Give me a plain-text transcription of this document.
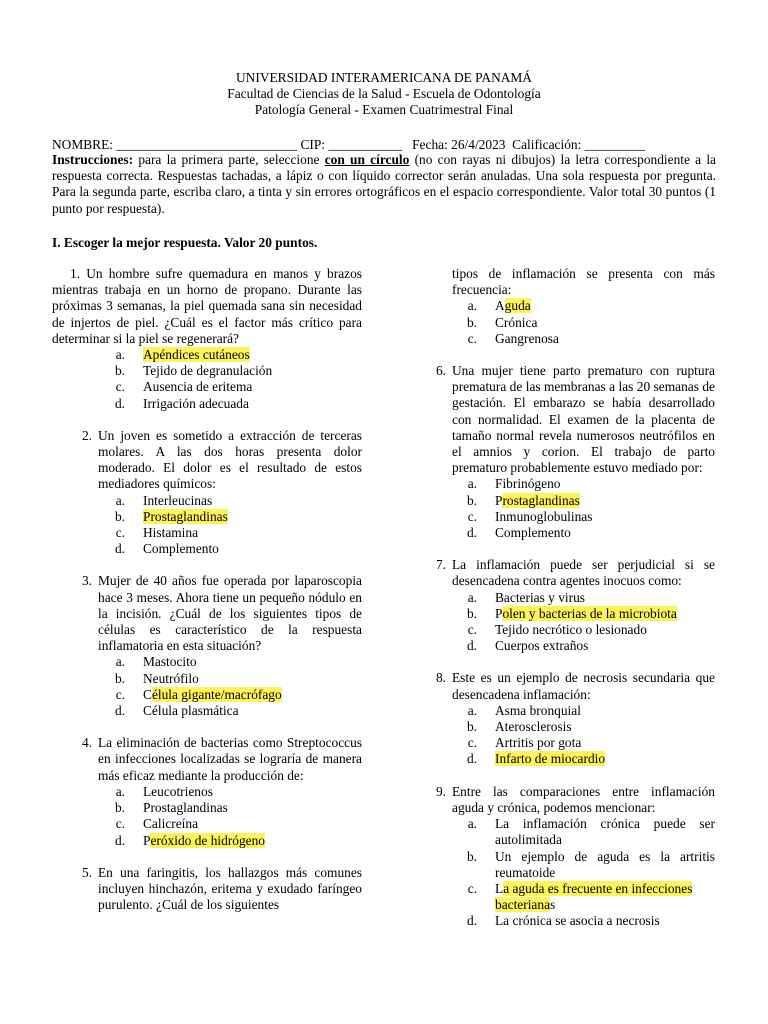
UNIVERSIDAD INTERAMERICANA DE PANAMÁ
Facultad de Ciencias de la Salud - Escuela de Odontología
Patología General - Examen Cuatrimestral Final
NOMBRE: ___________________________ CIP: ___________   Fecha: 26/4/2023  Calificación: _________
Instrucciones: para la primera parte, seleccione con un círculo (no con rayas ni dibujos) la letra correspondiente a la respuesta correcta. Respuestas tachadas, a lápiz o con líquido corrector serán anuladas. Una sola respuesta por pregunta. Para la segunda parte, escriba claro, a tinta y sin errores ortográficos en el espacio correspondiente. Valor total 30 puntos (1 punto por respuesta).
I. Escoger la mejor respuesta. Valor 20 puntos.
1. Un hombre sufre quemadura en manos y brazos mientras trabaja en un horno de propano. Durante las próximas 3 semanas, la piel quemada sana sin necesidad de injertos de piel. ¿Cuál es el factor más crítico para determinar si la piel se regenerará?
a.	Apéndices cutáneos
b.	Tejido de degranulación
c.	Ausencia de eritema
d.	Irrigación adecuada
2. Un joven es sometido a extracción de terceras molares. A las dos horas presenta dolor moderado. El dolor es el resultado de estos mediadores químicos:
a.	Interleucinas
b.	Prostaglandinas
c.	Histamina
d.	Complemento
3. Mujer de 40 años fue operada por laparoscopia hace 3 meses. Ahora tiene un pequeño nódulo en la incisión. ¿Cuál de los siguientes tipos de células es característico de la respuesta inflamatoria en esta situación?
a.	Mastocito
b.	Neutrófilo
c.	Célula gigante/macrófago
d.	Célula plasmática
4. La eliminación de bacterias como Streptococcus en infecciones localizadas se lograría de manera más eficaz mediante la producción de:
a.	Leucotrienos
b.	Prostaglandinas
c.	Calicreína
d.	Peróxido de hidrógeno
5. En una faringitis, los hallazgos más comunes incluyen hinchazón, eritema y exudado faríngeo purulento. ¿Cuál de los siguientes
tipos de inflamación se presenta con más frecuencia:
a.	Aguda
b.	Crónica
c.	Gangrenosa
6. Una mujer tiene parto prematuro con ruptura prematura de las membranas a las 20 semanas de gestación. El embarazo se había desarrollado con normalidad. El examen de la placenta de tamaño normal revela numerosos neutrófilos en el amnios y corion. El trabajo de parto prematuro probablemente estuvo mediado por:
a.	Fibrinógeno
b.	Prostaglandinas
c.	Inmunoglobulinas
d.	Complemento
7. La inflamación puede ser perjudicial si se desencadena contra agentes inocuos como:
a.	Bacterias y virus
b.	Polen y bacterias de la microbiota
c.	Tejido necrótico o lesionado
d.	Cuerpos extraños
8. Este es un ejemplo de necrosis secundaria que desencadena inflamación:
a.	Asma bronquial
b.	Aterosclerosis
c.	Artritis por gota
d.	Infarto de miocardio
9. Entre las comparaciones entre inflamación aguda y crónica, podemos mencionar:
a.	La inflamación crónica puede ser autolimitada
b.	Un ejemplo de aguda es la artritis reumatoide
c.	La aguda es frecuente en infecciones bacterianas
d.	La crónica se asocia a necrosis
